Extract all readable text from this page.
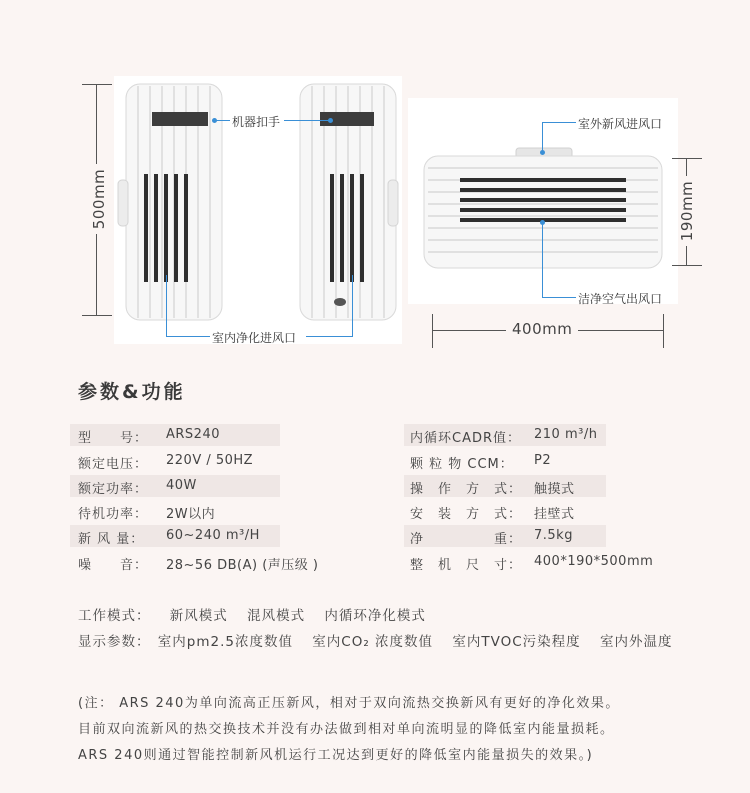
500mm
机器扣手
室内净化进风口
室外新风进风口
洁净空气出风口
190mm
400mm
参数&功能
型　　号： ARS240
额定电压： 220V / 50HZ
额定功率： 40W
待机功率： 2W以内
新 风 量： 60~240 m³/H
噪　　音： 28~56 DB(A) (声压级 )
内循环CADR值： 210 m³/h
颗 粒 物 CCM： P2
操　作　方　式： 触摸式
安　装　方　式： 挂壁式
净　　　　　重： 7.5kg
整　机　尺　寸： 400*190*500mm
工作模式： 新风模式 混风模式 内循环净化模式
显示参数： 室内pm2.5浓度数值 室内CO₂ 浓度数值 室内TVOC污染程度 室内外温度
(注： ARS 240为单向流高正压新风，相对于双向流热交换新风有更好的净化效果。
目前双向流新风的热交换技术并没有办法做到相对单向流明显的降低室内能量损耗。
ARS 240则通过智能控制新风机运行工况达到更好的降低室内能量损失的效果。)
